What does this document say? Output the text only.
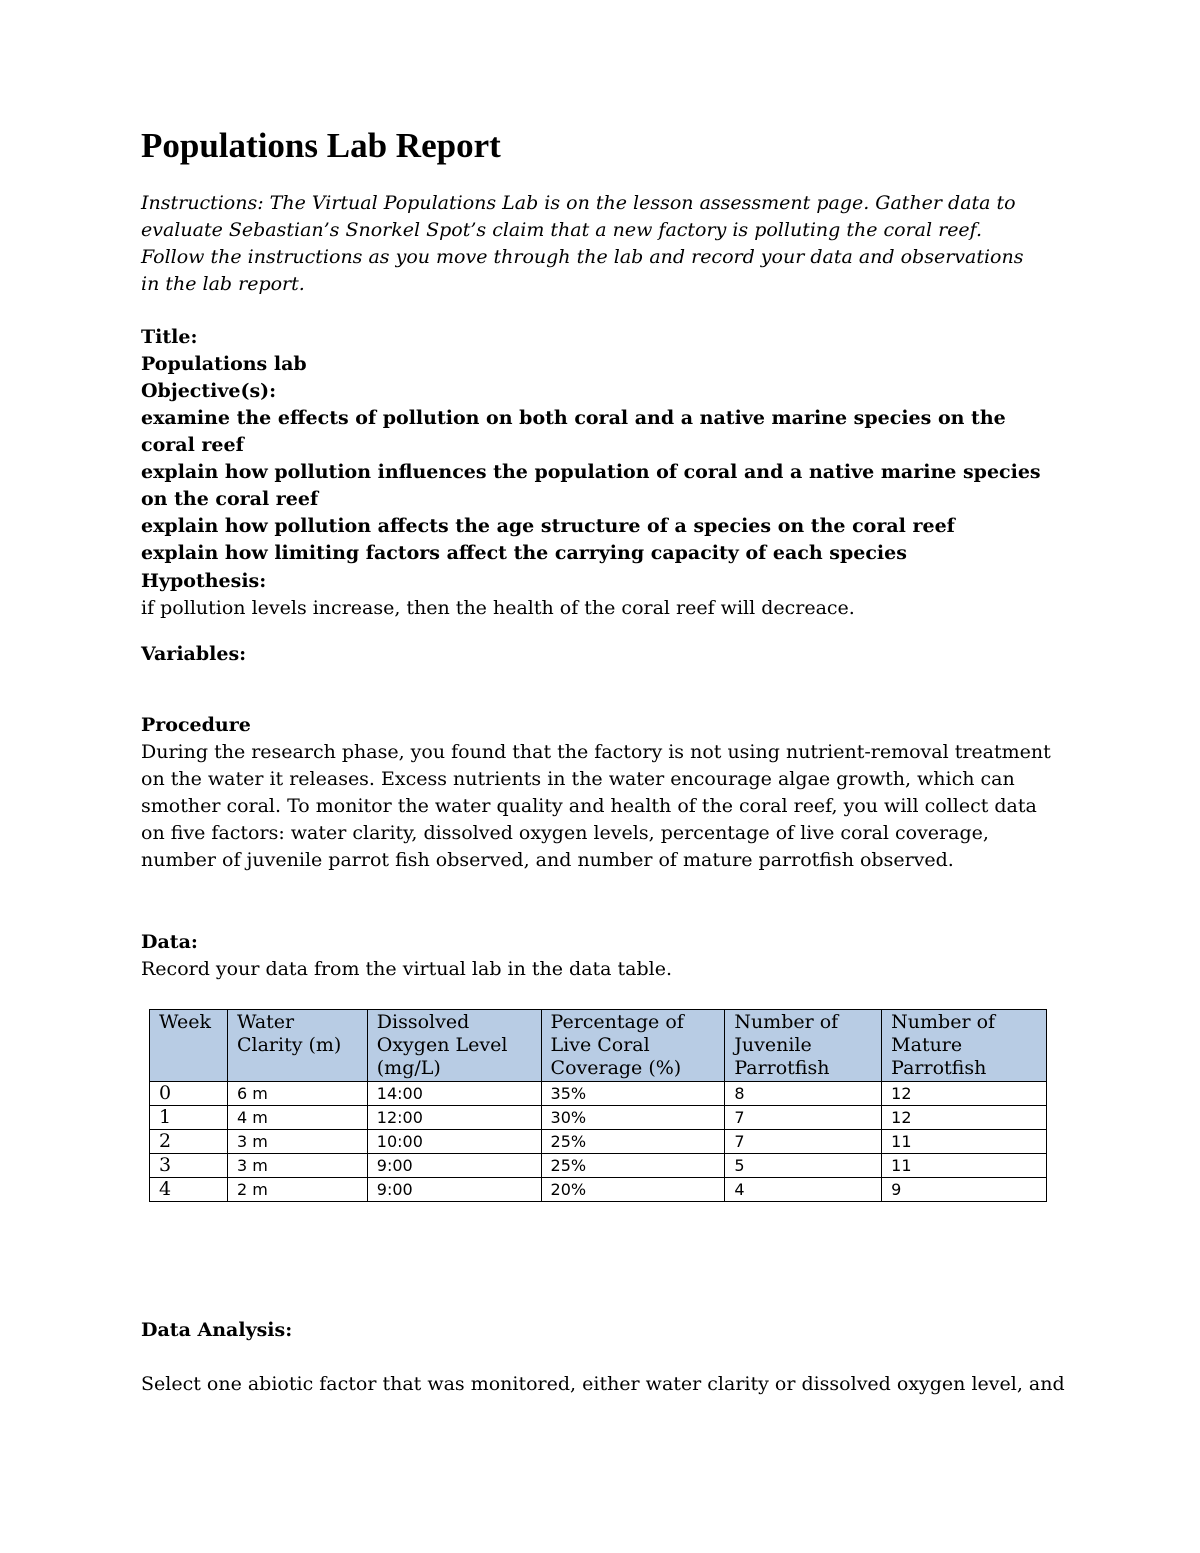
Populations Lab Report

Instructions: The Virtual Populations Lab is on the lesson assessment page. Gather data to evaluate Sebastian’s Snorkel Spot’s claim that a new factory is polluting the coral reef. Follow the instructions as you move through the lab and record your data and observations in the lab report.

Title:
Populations lab
Objective(s):
examine the effects of pollution on both coral and a native marine species on the coral reef
explain how pollution influences the population of coral and a native marine species on the coral reef
explain how pollution affects the age structure of a species on the coral reef
explain how limiting factors affect the carrying capacity of each species
Hypothesis:
if pollution levels increase, then the health of the coral reef will decreace.
Variables:
Procedure
During the research phase, you found that the factory is not using nutrient-removal treatment on the water it releases. Excess nutrients in the water encourage algae growth, which can smother coral. To monitor the water quality and health of the coral reef, you will collect data on five factors: water clarity, dissolved oxygen levels, percentage of live coral coverage, number of juvenile parrot fish observed, and number of mature parrotfish observed.
Data:
Record your data from the virtual lab in the data table.
Week	Water Clarity (m)	Dissolved Oxygen Level (mg/L)	Percentage of Live Coral Coverage (%)	Number of Juvenile Parrotfish	Number of Mature Parrotfish
0	6 m	14:00	35%	8	12
1	4 m	12:00	30%	7	12
2	3 m	10:00	25%	7	11
3	3 m	9:00	25%	5	11
4	2 m	9:00	20%	4	9
Data Analysis:
Select one abiotic factor that was monitored, either water clarity or dissolved oxygen level, and
